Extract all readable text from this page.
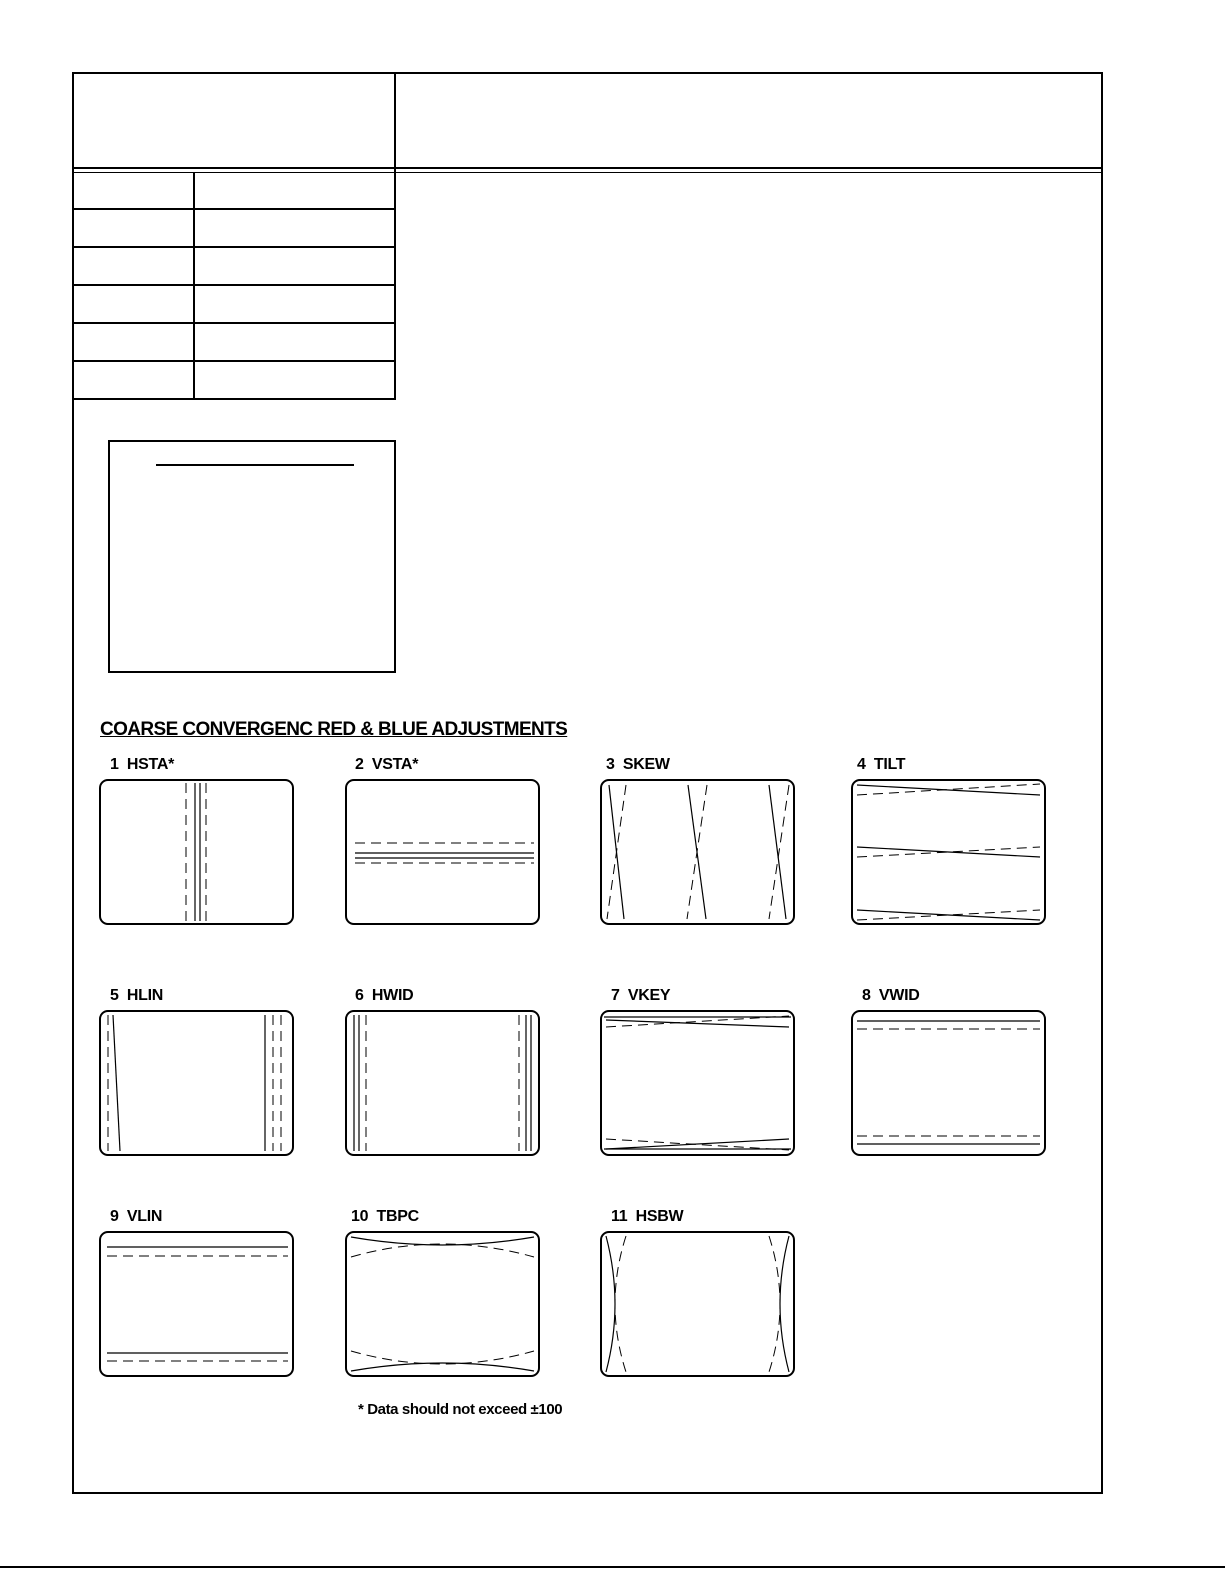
COARSE CONVERGENC RED & BLUE ADJUSTMENTS
1 HSTA*	2 VSTA*	3 SKEW	4 TILT
5 HLIN	6 HWID	7 VKEY	8 VWID
9 VLIN	10 TBPC	11 HSBW
* Data should not exceed ±100
